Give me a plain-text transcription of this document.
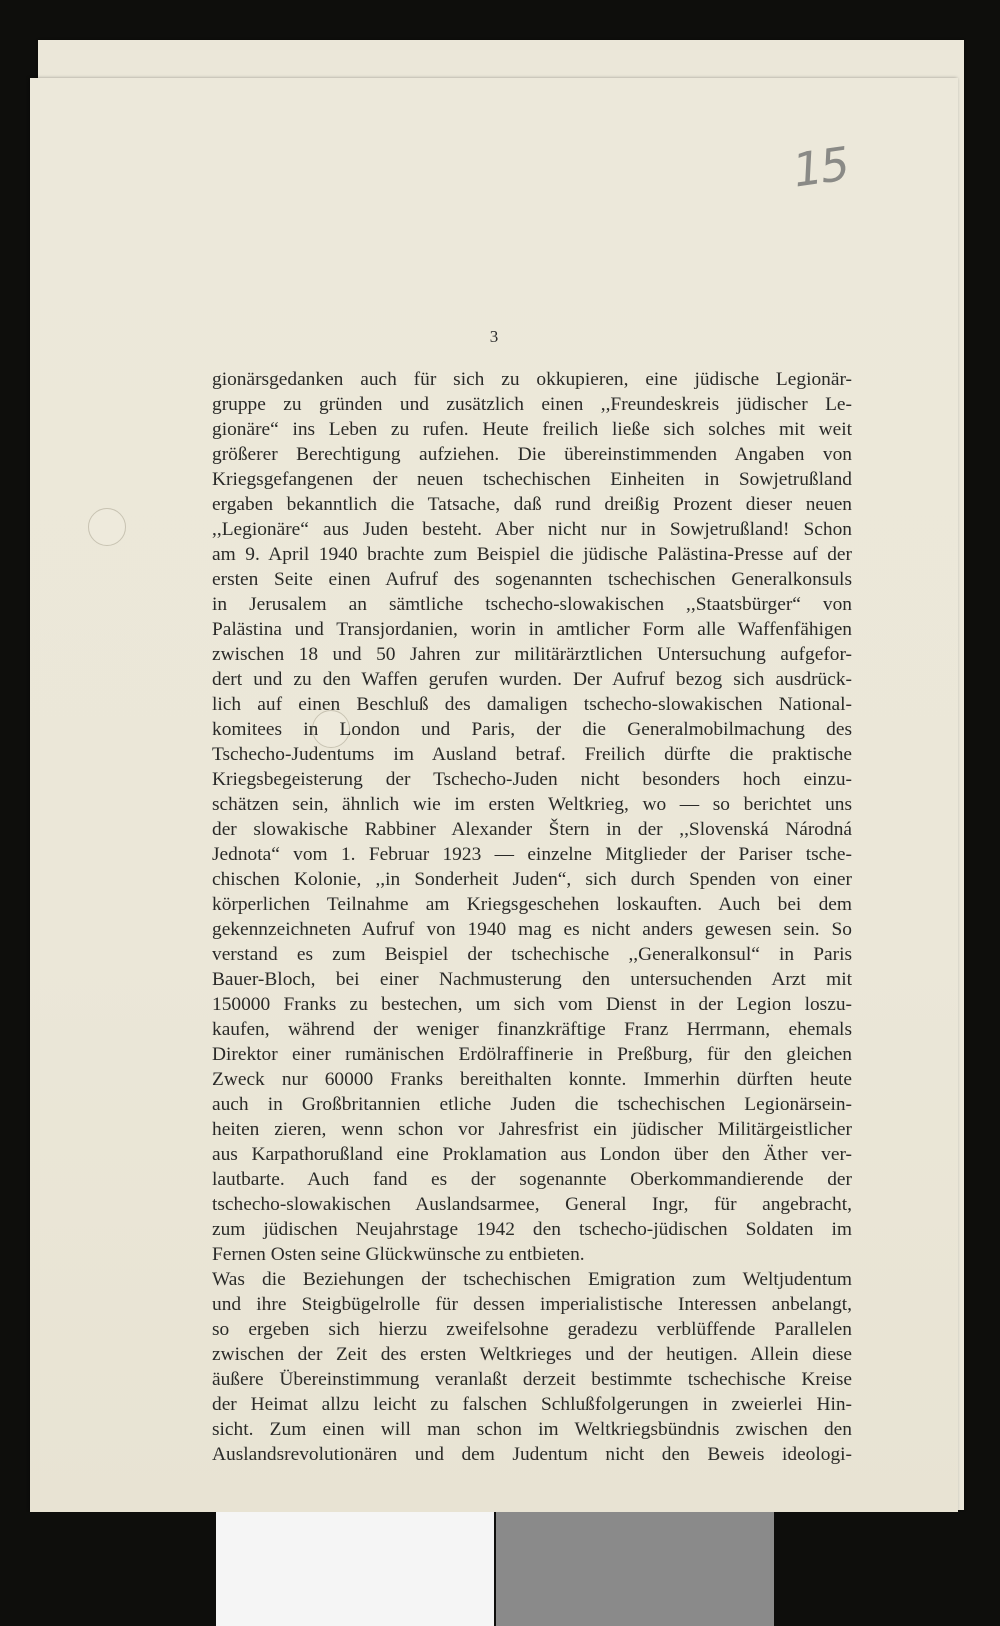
15
3
gionärsgedanken auch für sich zu okkupieren, eine jüdische Legionär-
gruppe zu gründen und zusätzlich einen ,,Freundeskreis jüdischer Le-
gionäre“ ins Leben zu rufen. Heute freilich ließe sich solches mit weit
größerer Berechtigung aufziehen. Die übereinstimmenden Angaben von
Kriegsgefangenen der neuen tschechischen Einheiten in Sowjetrußland
ergaben bekanntlich die Tatsache, daß rund dreißig Prozent dieser neuen
,,Legionäre“ aus Juden besteht. Aber nicht nur in Sowjetrußland! Schon
am 9. April 1940 brachte zum Beispiel die jüdische Palästina-Presse auf der
ersten Seite einen Aufruf des sogenannten tschechischen Generalkonsuls
in Jerusalem an sämtliche tschecho-slowakischen ,,Staatsbürger“ von
Palästina und Transjordanien, worin in amtlicher Form alle Waffenfähigen
zwischen 18 und 50 Jahren zur militärärztlichen Untersuchung aufgefor-
dert und zu den Waffen gerufen wurden. Der Aufruf bezog sich ausdrück-
lich auf einen Beschluß des damaligen tschecho-slowakischen National-
komitees in London und Paris, der die Generalmobilmachung des
Tschecho-Judentums im Ausland betraf. Freilich dürfte die praktische
Kriegsbegeisterung der Tschecho-Juden nicht besonders hoch einzu-
schätzen sein, ähnlich wie im ersten Weltkrieg, wo — so berichtet uns
der slowakische Rabbiner Alexander Štern in der ,,Slovenská Národná
Jednota“ vom 1. Februar 1923 — einzelne Mitglieder der Pariser tsche-
chischen Kolonie, ,,in Sonderheit Juden“, sich durch Spenden von einer
körperlichen Teilnahme am Kriegsgeschehen loskauften. Auch bei dem
gekennzeichneten Aufruf von 1940 mag es nicht anders gewesen sein. So
verstand es zum Beispiel der tschechische ,,Generalkonsul“ in Paris
Bauer-Bloch, bei einer Nachmusterung den untersuchenden Arzt mit
150000 Franks zu bestechen, um sich vom Dienst in der Legion loszu-
kaufen, während der weniger finanzkräftige Franz Herrmann, ehemals
Direktor einer rumänischen Erdölraffinerie in Preßburg, für den gleichen
Zweck nur 60000 Franks bereithalten konnte. Immerhin dürften heute
auch in Großbritannien etliche Juden die tschechischen Legionärsein-
heiten zieren, wenn schon vor Jahresfrist ein jüdischer Militärgeistlicher
aus Karpathorußland eine Proklamation aus London über den Äther ver-
lautbarte. Auch fand es der sogenannte Oberkommandierende der
tschecho-slowakischen Auslandsarmee, General Ingr, für angebracht,
zum jüdischen Neujahrstage 1942 den tschecho-jüdischen Soldaten im
Fernen Osten seine Glückwünsche zu entbieten.
Was die Beziehungen der tschechischen Emigration zum Weltjudentum
und ihre Steigbügelrolle für dessen imperialistische Interessen anbelangt,
so ergeben sich hierzu zweifelsohne geradezu verblüffende Parallelen
zwischen der Zeit des ersten Weltkrieges und der heutigen. Allein diese
äußere Übereinstimmung veranlaßt derzeit bestimmte tschechische Kreise
der Heimat allzu leicht zu falschen Schlußfolgerungen in zweierlei Hin-
sicht. Zum einen will man schon im Weltkriegsbündnis zwischen den
Auslandsrevolutionären und dem Judentum nicht den Beweis ideologi-
